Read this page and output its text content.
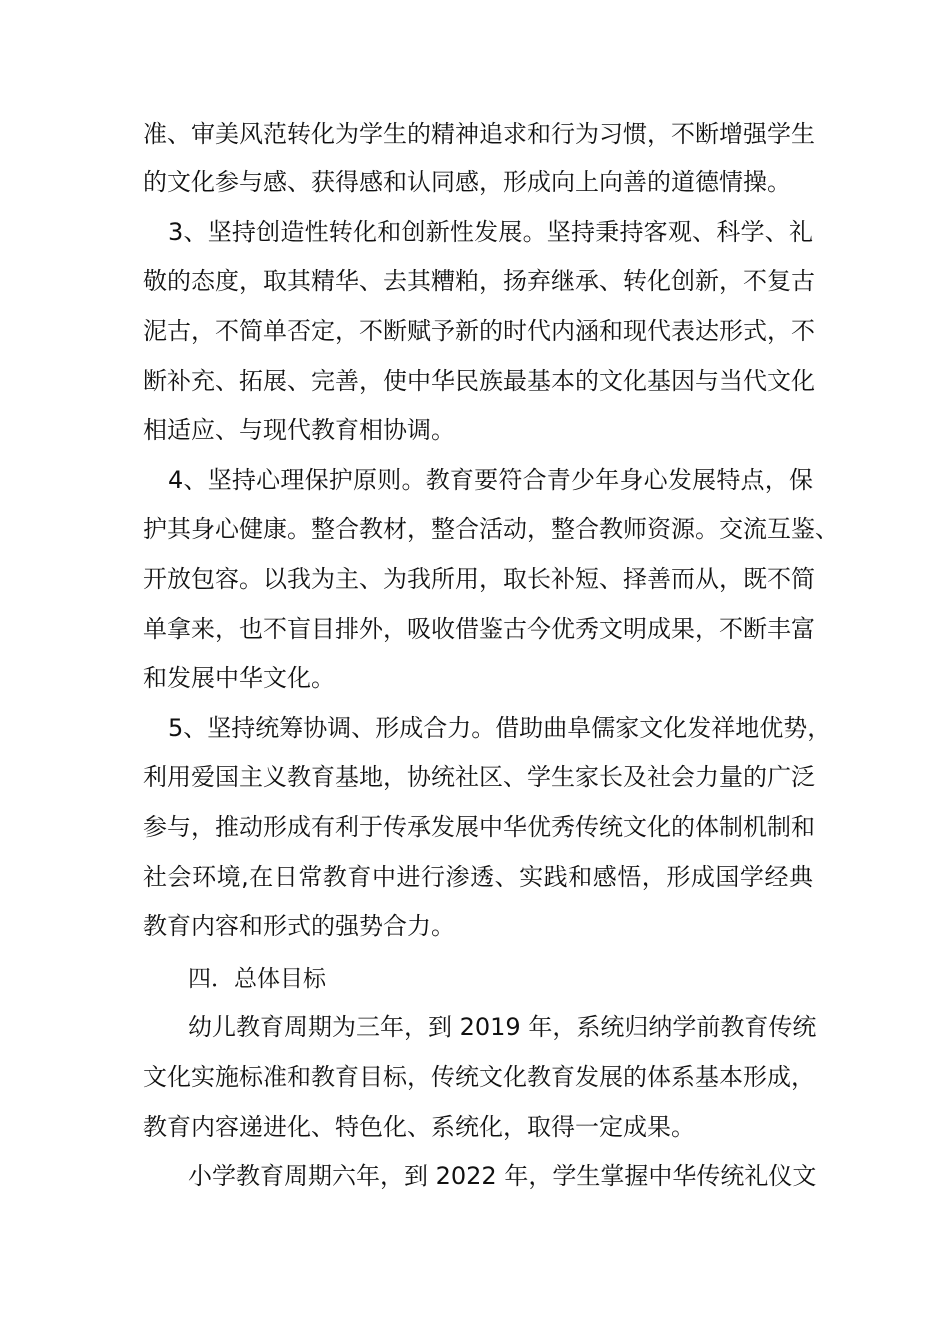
准、审美风范转化为学生的精神追求和行为习惯，不断增强学生
的文化参与感、获得感和认同感，形成向上向善的道德情操。
3、坚持创造性转化和创新性发展。坚持秉持客观、科学、礼
敬的态度，取其精华、去其糟粕，扬弃继承、转化创新，不复古
泥古，不简单否定，不断赋予新的时代内涵和现代表达形式，不
断补充、拓展、完善，使中华民族最基本的文化基因与当代文化
相适应、与现代教育相协调。
4、坚持心理保护原则。教育要符合青少年身心发展特点，保
护其身心健康。整合教材，整合活动，整合教师资源。交流互鉴、
开放包容。以我为主、为我所用，取长补短、择善而从，既不简
单拿来，也不盲目排外，吸收借鉴古今优秀文明成果，不断丰富
和发展中华文化。
5、坚持统筹协调、形成合力。借助曲阜儒家文化发祥地优势，
利用爱国主义教育基地，协统社区、学生家长及社会力量的广泛
参与，推动形成有利于传承发展中华优秀传统文化的体制机制和
社会环境,在日常教育中进行渗透、实践和感悟，形成国学经典
教育内容和形式的强势合力。
四．总体目标
幼儿教育周期为三年，到 2019 年，系统归纳学前教育传统
文化实施标准和教育目标，传统文化教育发展的体系基本形成，
教育内容递进化、特色化、系统化，取得一定成果。
小学教育周期六年，到 2022 年，学生掌握中华传统礼仪文
